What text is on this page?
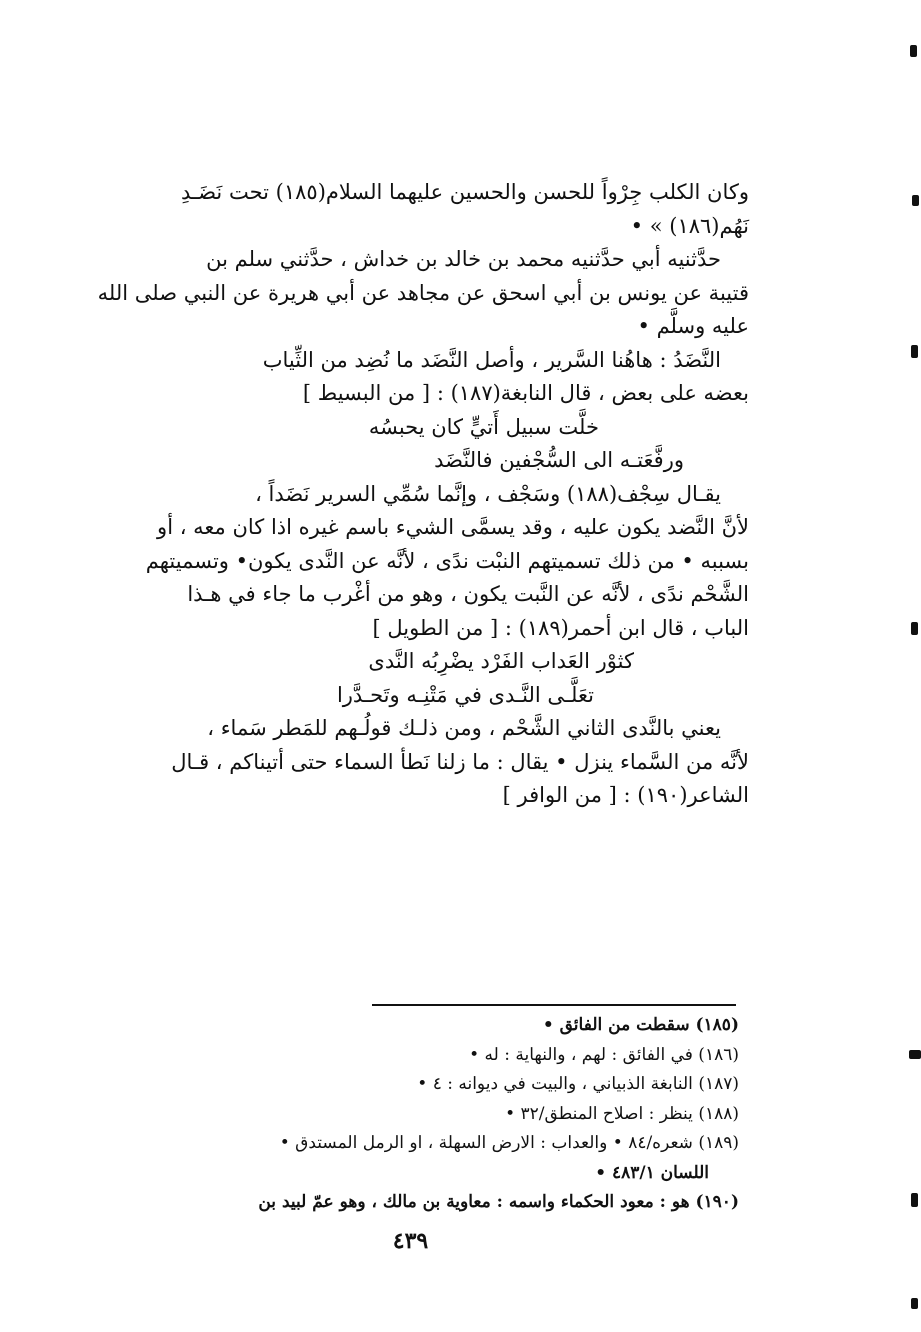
وكان الكلب جِرْواً للحسن والحسين عليهما السلام(١٨٥) تحت نَضَـدِ

نَهُم(١٨٦) » •

حدَّثنيه أبي حدَّثنيه محمد بن خالد بن خداش ، حدَّثني سلم بن

قتيبة عن يونس بن أبي اسحق عن مجاهد عن أبي هريرة عن النبي صلى الله

عليه وسلَّم •

النَّضَدُ : هاهُنا السَّرير ، وأصل النَّضَد ما نُضِد من الثِّياب

بعضه على بعض ، قال النابغة(١٨٧) : [ من البسيط ]

خلَّت سبيل أَتيٍّ كان يحبسُه

ورفَّعَتـه الى السُّجْفين فالنَّضَد

يقـال سِجْف(١٨٨) وسَجْف ، وإنَّما سُمِّي السرير نَضَداً ،

لأنَّ النَّضد يكون عليه ، وقد يسمَّى الشيء باسم غيره اذا كان معه ، أو

بسببه • من ذلك تسميتهم النبْت ندًى ، لأنَّه عن النَّدى يكون• وتسميتهم

الشَّحْم ندًى ، لأنَّه عن النَّبت يكون ، وهو من أغْرب ما جاء في هـذا

الباب ، قال ابن أحمر(١٨٩) : [ من الطويل ]

كثوْر العَداب الفَرْد يضْرِبُه النَّدى

تعَلَّـى النَّـدى في مَتْنِـه وتَحـدَّرا

يعني بالنَّدى الثاني الشَّحْم ، ومن ذلـك قولُـهم للمَطر سَماء ،

لأنَّه من السَّماء ينزل • يقال : ما زلنا نَطأ السماء حتى أتيناكم ، قـال

الشاعر(١٩٠) : [ من الوافر ]

(١٨٥) سقطت من الفائق •

(١٨٦) في الفائق : لهم ، والنهاية : له •

(١٨٧) النابغة الذبياني ، والبيت في ديوانه : ٤ •

(١٨٨) ينظر : اصلاح المنطق/٣٢ •

(١٨٩) شعره/٨٤ • والعداب : الارض السهلة ، او الرمل المستدق •

اللسان ٤٨٣/١ •

(١٩٠) هو : معود الحكماء واسمه : معاوية بن مالك ، وهو عمّ لبيد بن

٤٣٩
